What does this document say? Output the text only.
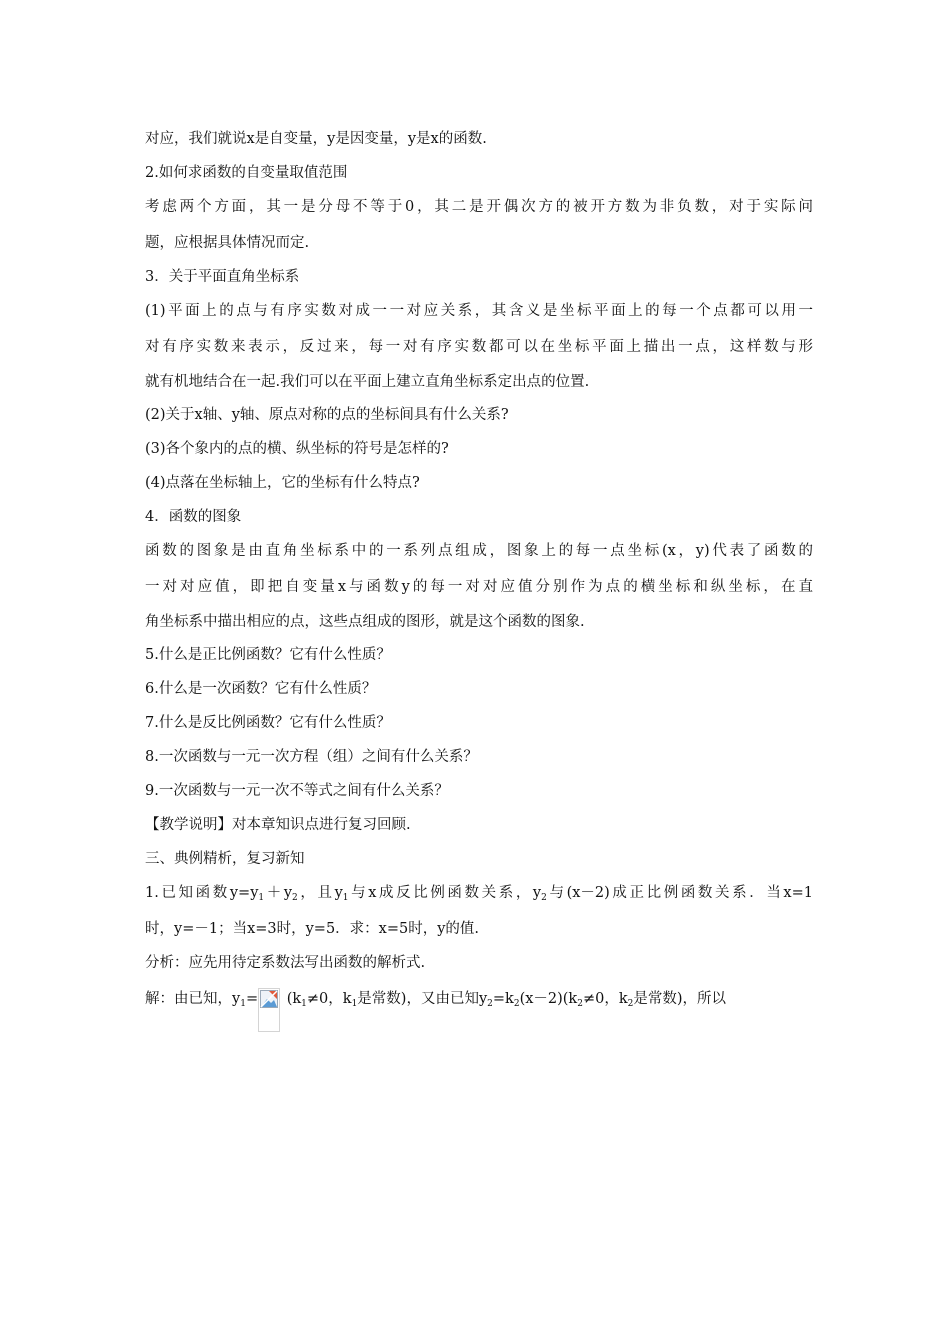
对应，我们就说x是自变量，y是因变量，y是x的函数.
2.如何求函数的自变量取值范围
考虑两个方面，其一是分母不等于0，其二是开偶次方的被开方数为非负数，对于实际问
题，应根据具体情况而定.
3．关于平面直角坐标系
(1)平面上的点与有序实数对成一一对应关系，其含义是坐标平面上的每一个点都可以用一
对有序实数来表示，反过来，每一对有序实数都可以在坐标平面上描出一点，这样数与形
就有机地结合在一起.我们可以在平面上建立直角坐标系定出点的位置.
(2)关于x轴、y轴、原点对称的点的坐标间具有什么关系?
(3)各个象内的点的横、纵坐标的符号是怎样的?
(4)点落在坐标轴上，它的坐标有什么特点?
4．函数的图象
函数的图象是由直角坐标系中的一系列点组成，图象上的每一点坐标(x，y)代表了函数的
一对对应值，即把自变量x与函数y的每一对对应值分别作为点的横坐标和纵坐标，在直
角坐标系中描出相应的点，这些点组成的图形，就是这个函数的图象.
5.什么是正比例函数？它有什么性质？
6.什么是一次函数？它有什么性质？
7.什么是反比例函数？它有什么性质？
8.一次函数与一元一次方程（组）之间有什么关系？
9.一次函数与一元一次不等式之间有什么关系？
【教学说明】对本章知识点进行复习回顾.
三、典例精析，复习新知
1.已知函数$y=y_1+y_2$，且$y_1$与x成反比例函数关系，$y_2$与(x－2)成正比例函数关系．当x=1
时，y=－1；当x=3时，y=5．求：x=5时，y的值.
分析：应先用待定系数法写出函数的解析式.
解：由已知，$y_1= (k_1\ne 0$，$k_1$是常数)，又由已知$y_2=k_2(x-2)(k_2\ne 0$，$k_2$是常数)，所以
